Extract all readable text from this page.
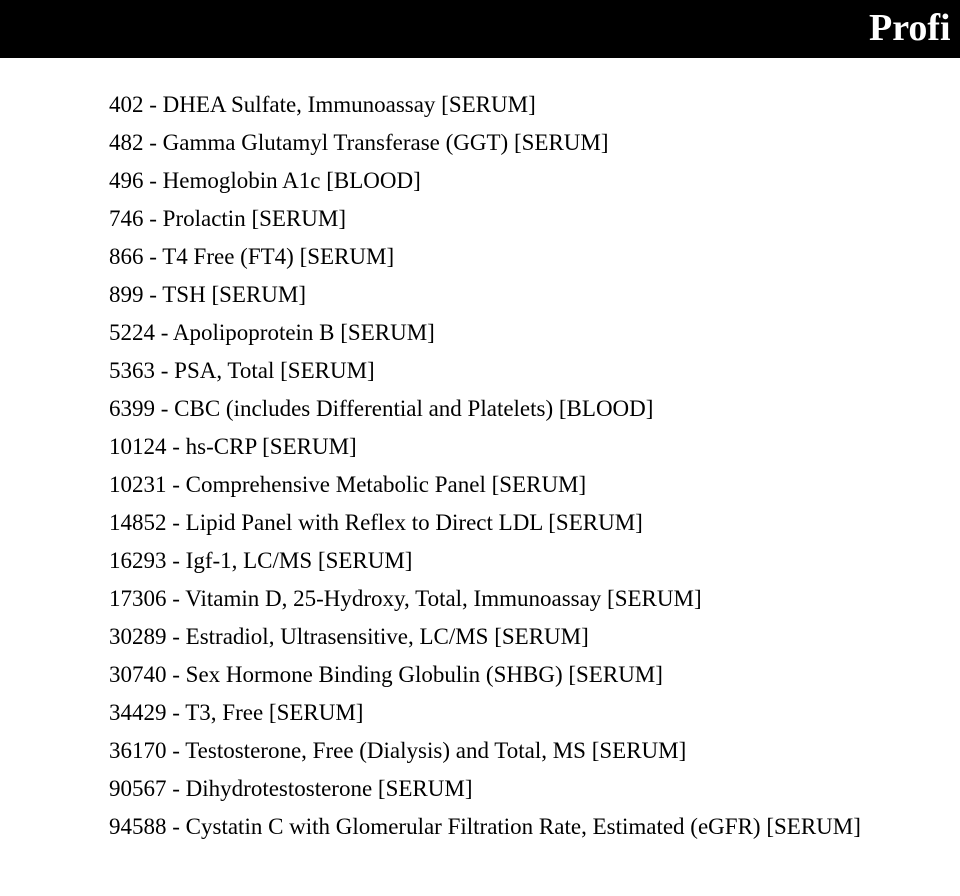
Profi
402 - DHEA Sulfate, Immunoassay [SERUM]
482 - Gamma Glutamyl Transferase (GGT) [SERUM]
496 - Hemoglobin A1c [BLOOD]
746 - Prolactin [SERUM]
866 - T4 Free (FT4) [SERUM]
899 - TSH [SERUM]
5224 - Apolipoprotein B [SERUM]
5363 - PSA, Total [SERUM]
6399 - CBC (includes Differential and Platelets) [BLOOD]
10124 - hs-CRP [SERUM]
10231 - Comprehensive Metabolic Panel [SERUM]
14852 - Lipid Panel with Reflex to Direct LDL [SERUM]
16293 - Igf-1, LC/MS [SERUM]
17306 - Vitamin D, 25-Hydroxy, Total, Immunoassay [SERUM]
30289 - Estradiol, Ultrasensitive, LC/MS [SERUM]
30740 - Sex Hormone Binding Globulin (SHBG) [SERUM]
34429 - T3, Free [SERUM]
36170 - Testosterone, Free (Dialysis) and Total, MS [SERUM]
90567 - Dihydrotestosterone [SERUM]
94588 - Cystatin C with Glomerular Filtration Rate, Estimated (eGFR) [SERUM]
